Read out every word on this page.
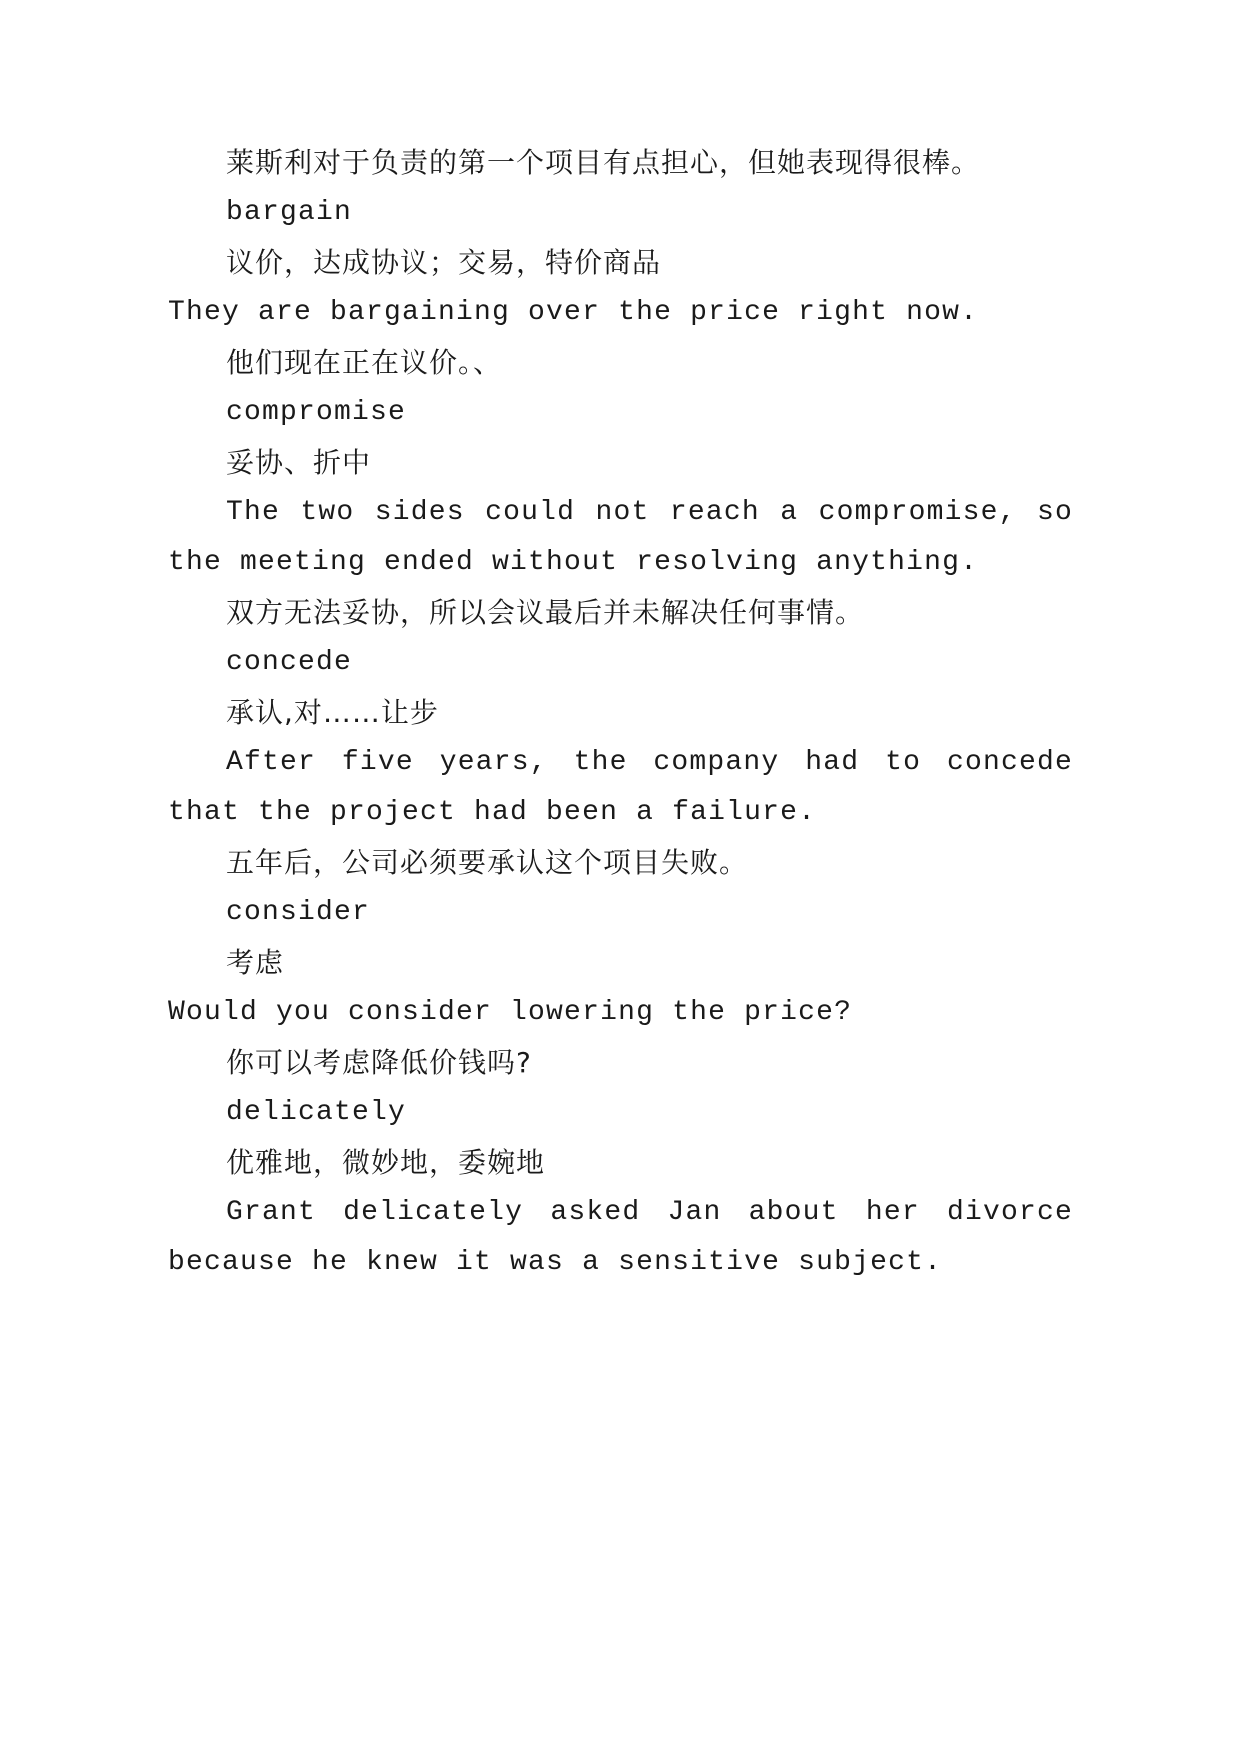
莱斯利对于负责的第一个项目有点担心，但她表现得很棒。

bargain

议价，达成协议；交易，特价商品

They are bargaining over the price right now.

他们现在正在议价。、

compromise

妥协、折中

The two sides could not reach a compromise, so the meeting ended without resolving anything.

双方无法妥协，所以会议最后并未解决任何事情。

concede

承认,对……让步

After five years, the company had to concede that the project had been a failure.

五年后，公司必须要承认这个项目失败。

consider

考虑

Would you consider lowering the price?

你可以考虑降低价钱吗?

delicately

优雅地，微妙地，委婉地

Grant delicately asked Jan about her divorce because he knew it was a sensitive subject.
